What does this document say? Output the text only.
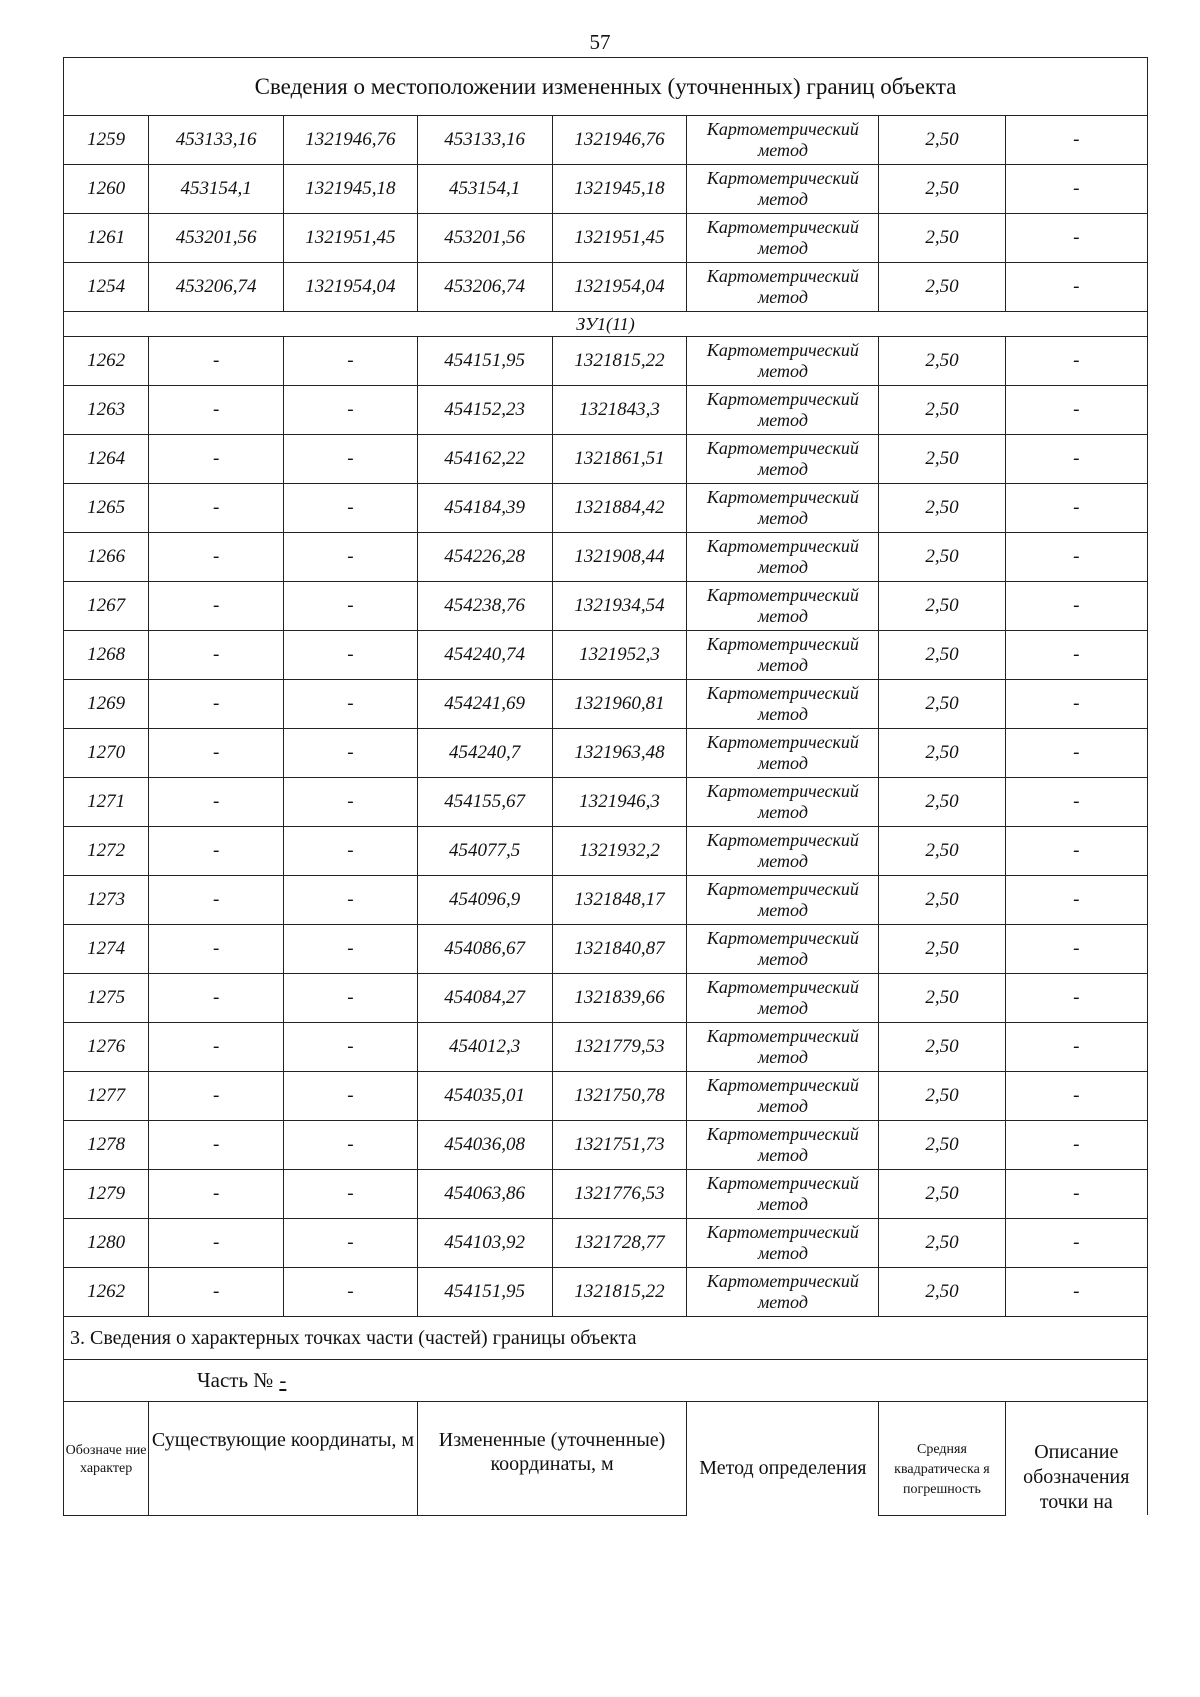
57
Сведения о местоположении измененных (уточненных) границ объекта							
1259	453133,16	1321946,76	453133,16	1321946,76	Картометрический метод	2,50	-
1260	453154,1	1321945,18	453154,1	1321945,18	Картометрический метод	2,50	-
1261	453201,56	1321951,45	453201,56	1321951,45	Картометрический метод	2,50	-
1254	453206,74	1321954,04	453206,74	1321954,04	Картометрический метод	2,50	-
ЗУ1(11)							
1262	-	-	454151,95	1321815,22	Картометрический метод	2,50	-
1263	-	-	454152,23	1321843,3	Картометрический метод	2,50	-
1264	-	-	454162,22	1321861,51	Картометрический метод	2,50	-
1265	-	-	454184,39	1321884,42	Картометрический метод	2,50	-
1266	-	-	454226,28	1321908,44	Картометрический метод	2,50	-
1267	-	-	454238,76	1321934,54	Картометрический метод	2,50	-
1268	-	-	454240,74	1321952,3	Картометрический метод	2,50	-
1269	-	-	454241,69	1321960,81	Картометрический метод	2,50	-
1270	-	-	454240,7	1321963,48	Картометрический метод	2,50	-
1271	-	-	454155,67	1321946,3	Картометрический метод	2,50	-
1272	-	-	454077,5	1321932,2	Картометрический метод	2,50	-
1273	-	-	454096,9	1321848,17	Картометрический метод	2,50	-
1274	-	-	454086,67	1321840,87	Картометрический метод	2,50	-
1275	-	-	454084,27	1321839,66	Картометрический метод	2,50	-
1276	-	-	454012,3	1321779,53	Картометрический метод	2,50	-
1277	-	-	454035,01	1321750,78	Картометрический метод	2,50	-
1278	-	-	454036,08	1321751,73	Картометрический метод	2,50	-
1279	-	-	454063,86	1321776,53	Картометрический метод	2,50	-
1280	-	-	454103,92	1321728,77	Картометрический метод	2,50	-
1262	-	-	454151,95	1321815,22	Картометрический метод	2,50	-
3. Сведения о характерных точках части (частей) границы объекта							
Часть № -							

Обозначе ние характер	Существующие координаты, м		Измененные (уточненные) координаты, м		Метод определения	Средняя квадратическа я погрешность	Описание обозначения точки на
